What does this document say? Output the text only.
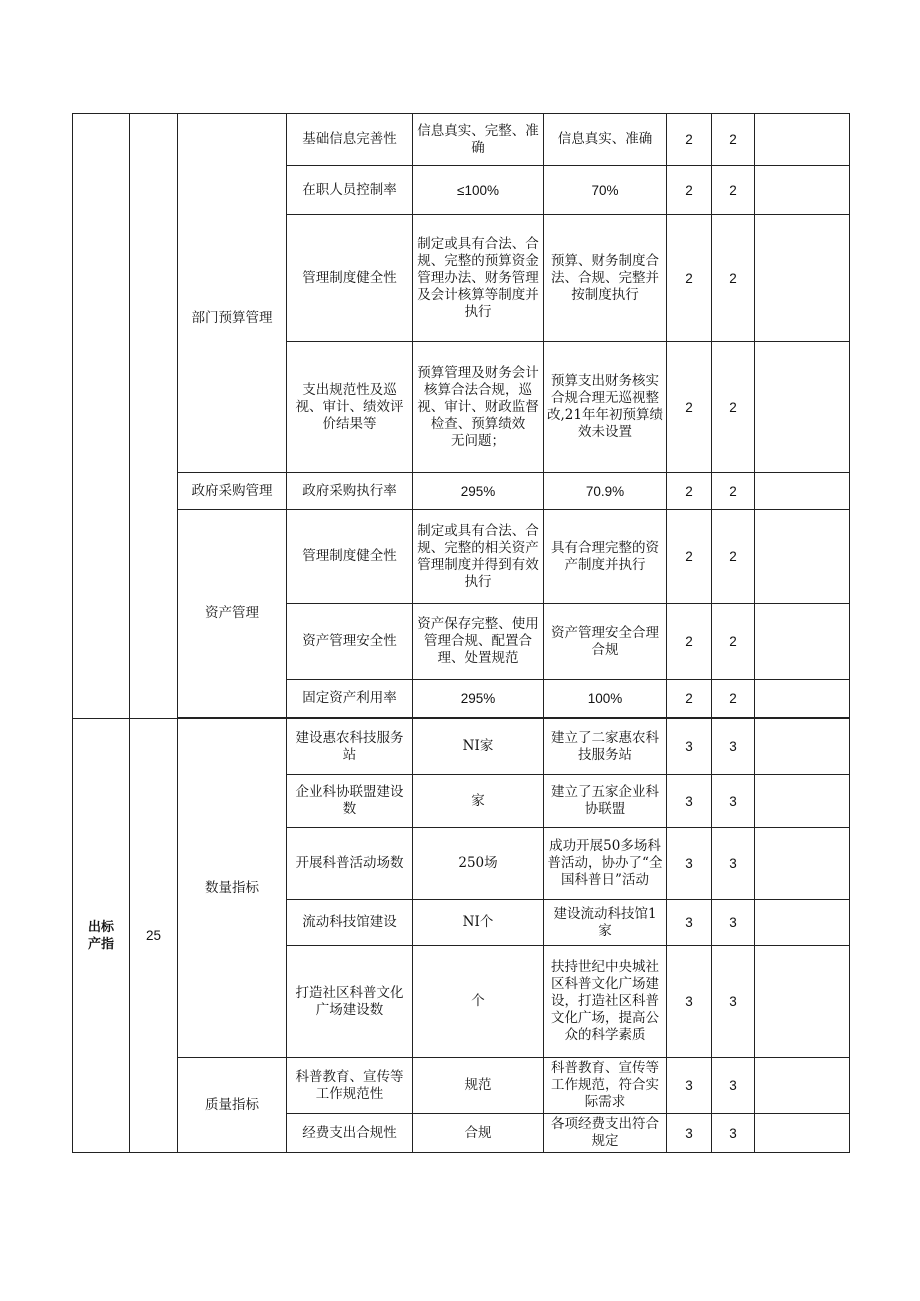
			基础信息完善性	信息真实、完整、准确	信息真实、准确	2	2	
		部门预算管理	在职人员控制率	≤100%	70%	2	2	
			管理制度健全性	制定或具有合法、合规、完整的预算资金管理办法、财务管理及会计核算等制度并执行	预算、财务制度合法、合规、完整并按制度执行	2	2	
			支出规范性及巡视、审计、绩效评价结果等	预算管理及财务会计核算合法合规，巡视、审计、财政监督检查、预算绩效
无问题；	预算支出财务核实合规合理无巡视整改,21年年初预算绩效未设置	2	2	
		政府采购管理	政府采购执行率	295%	70.9%	2	2	
		资产管理	管理制度健全性	制定或具有合法、合规、完整的相关资产管理制度并得到有效执行	具有合理完整的资产制度并执行	2	2	
			资产管理安全性	资产保存完整、使用管理合规、配置合理、处置规范	资产管理安全合理合规	2	2	
			固定资产利用率	295%	100%	2	2	

出标产指	25	数量指标	建设惠农科技服务站	NI家	建立了二家惠农科技服务站	3	3	
			企业科协联盟建设数	家	建立了五家企业科协联盟	3	3	
			开展科普活动场数	250场	成功开展50多场科普活动，协办了“全国科普日”活动	3	3	
			流动科技馆建设	NI个	建设流动科技馆1家	3	3	
			打造社区科普文化广场建设数	个	扶持世纪中央城社区科普文化广场建设，打造社区科普文化广场，提高公众的科学素质	3	3	
		质量指标	科普教育、宣传等工作规范性	规范	科普教育、宣传等工作规范，符合实际需求	3	3	
			经费支出合规性	合规	各项经费支出符合规定	3	3	
